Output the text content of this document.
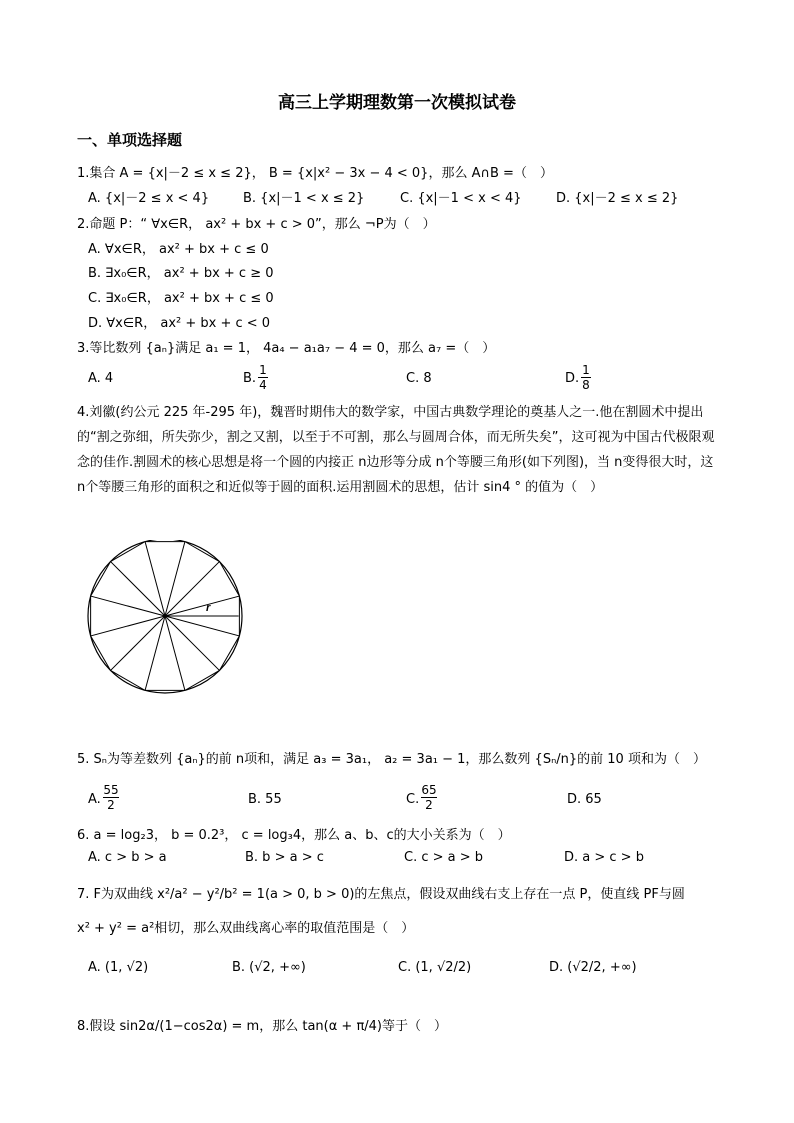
高三上学期理数第一次模拟试卷
一、单项选择题
1.集合 A = {x|－2 ≤ x ≤ 2}， B = {x|x² − 3x − 4 < 0}，那么 A∩B =（　）
A. {x|－2 ≤ x < 4}	B. {x|－1 < x ≤ 2}	C. {x|－1 < x < 4}	D. {x|－2 ≤ x ≤ 2}
2.命题 P：“ ∀x∈R， ax² + bx + c > 0”，那么 ¬P为（　）
A. ∀x∈R， ax² + bx + c ≤ 0
B. ∃x₀∈R， ax² + bx + c ≥ 0
C. ∃x₀∈R， ax² + bx + c ≤ 0
D. ∀x∈R， ax² + bx + c < 0
3.等比数列 {aₙ}满足 a₁ = 1， 4a₄ − a₁a₇ − 4 = 0，那么 a₇ =（　）
A. 4	B. $\frac{1}{4}$	C. 8	D. $\frac{1}{8}$
4.刘徽(约公元 225 年-295 年)，魏晋时期伟大的数学家，中国古典数学理论的奠基人之一.他在割圆术中提出的“割之弥细，所失弥少，割之又割，以至于不可割，那么与圆周合体，而无所失矣”，这可视为中国古代极限观念的佳作.割圆术的核心思想是将一个圆的内接正 n边形等分成 n个等腰三角形(如下列图)，当 n变得很大时，这 n个等腰三角形的面积之和近似等于圆的面积.运用割圆术的思想，估计 sin4 ° 的值为（　）
r
5. Sₙ为等差数列 {aₙ}的前 n项和，满足 a₃ = 3a₁， a₂ = 3a₁ − 1，那么数列 {Sₙ/n}的前 10 项和为（　）
A. $\frac{55}{2}$	B. 55	C. $\frac{65}{2}$	D. 65
6. a = log₂3， b = 0.2³， c = log₃4，那么 a、b、c的大小关系为（　）
A. c > b > a	B. b > a > c	C. c > a > b	D. a > c > b
7. F为双曲线 x²/a² − y²/b² = 1(a > 0, b > 0)的左焦点，假设双曲线右支上存在一点 P，使直线 PF与圆
x² + y² = a²相切，那么双曲线离心率的取值范围是（　）
A. (1, √2)	B. (√2, +∞)	C. (1, √2/2)	D. (√2/2, +∞)
8.假设 sin2α/(1−cos2α) = m，那么 tan(α + π/4)等于（　）
